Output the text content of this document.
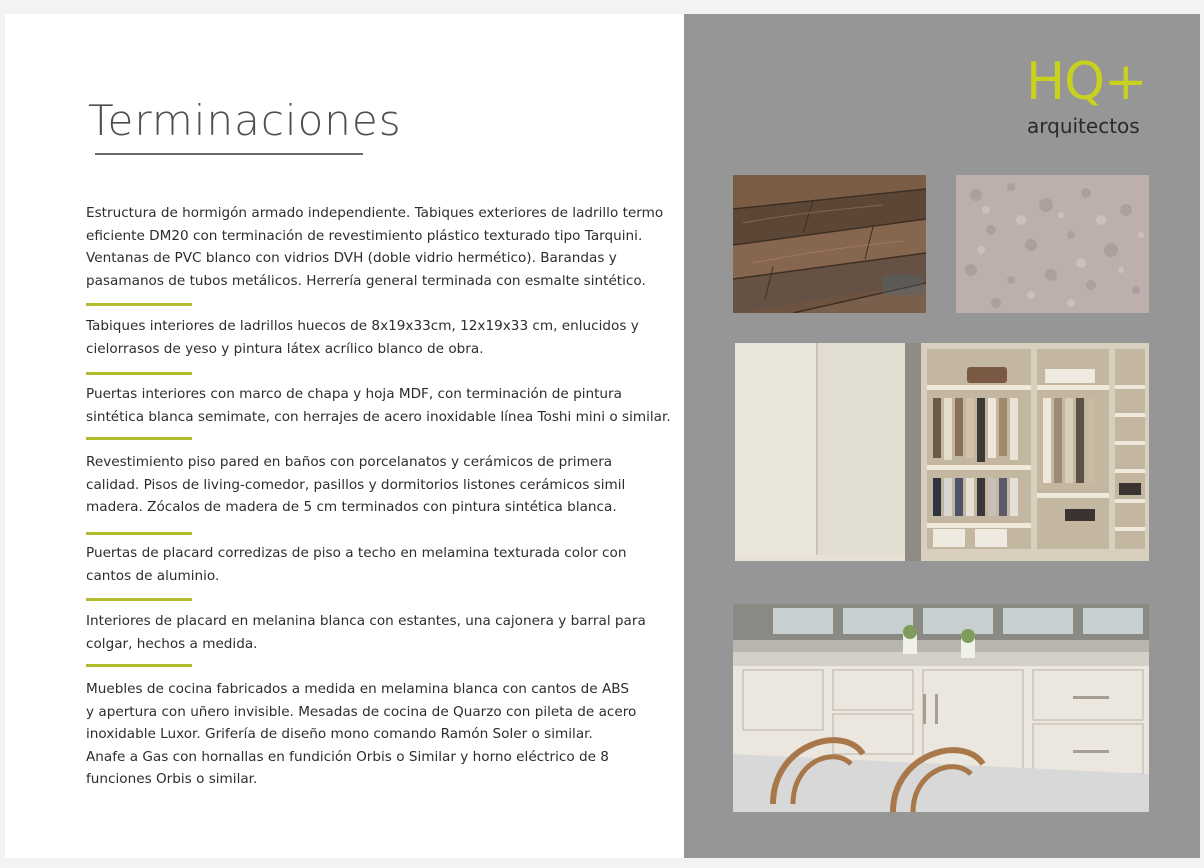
Terminaciones
Estructura de hormigón armado independiente. Tabiques exteriores de ladrillo termo
eficiente DM20 con terminación de revestimiento plástico texturado tipo Tarquini.
Ventanas de PVC blanco con vidrios DVH (doble vidrio hermético). Barandas y
pasamanos de tubos metálicos. Herrería general terminada con esmalte sintético.
Tabiques interiores de ladrillos huecos de 8x19x33cm, 12x19x33 cm, enlucidos y
cielorrasos de yeso y pintura látex acrílico blanco de obra.
Puertas interiores con marco de chapa y hoja MDF, con terminación de pintura
sintética blanca semimate, con herrajes de acero inoxidable línea Toshi mini o similar.
Revestimiento piso pared en baños con porcelanatos y cerámicos de primera
calidad. Pisos de living-comedor, pasillos y dormitorios listones cerámicos simil
madera. Zócalos de madera de 5 cm terminados con pintura sintética blanca.
Puertas de placard corredizas de piso a techo en melamina texturada color con
cantos de aluminio.
Interiores de placard en melanina blanca con estantes, una cajonera y barral para
colgar, hechos a medida.
Muebles de cocina fabricados a medida en melamina blanca con cantos de ABS
y apertura con uñero invisible. Mesadas de cocina de Quarzo con pileta de acero
inoxidable Luxor. Grifería de diseño mono comando Ramón Soler o similar.
Anafe a Gas con hornallas en fundición Orbis o Similar y horno eléctrico de 8
funciones Orbis o similar.
HQ+
arquitectos
